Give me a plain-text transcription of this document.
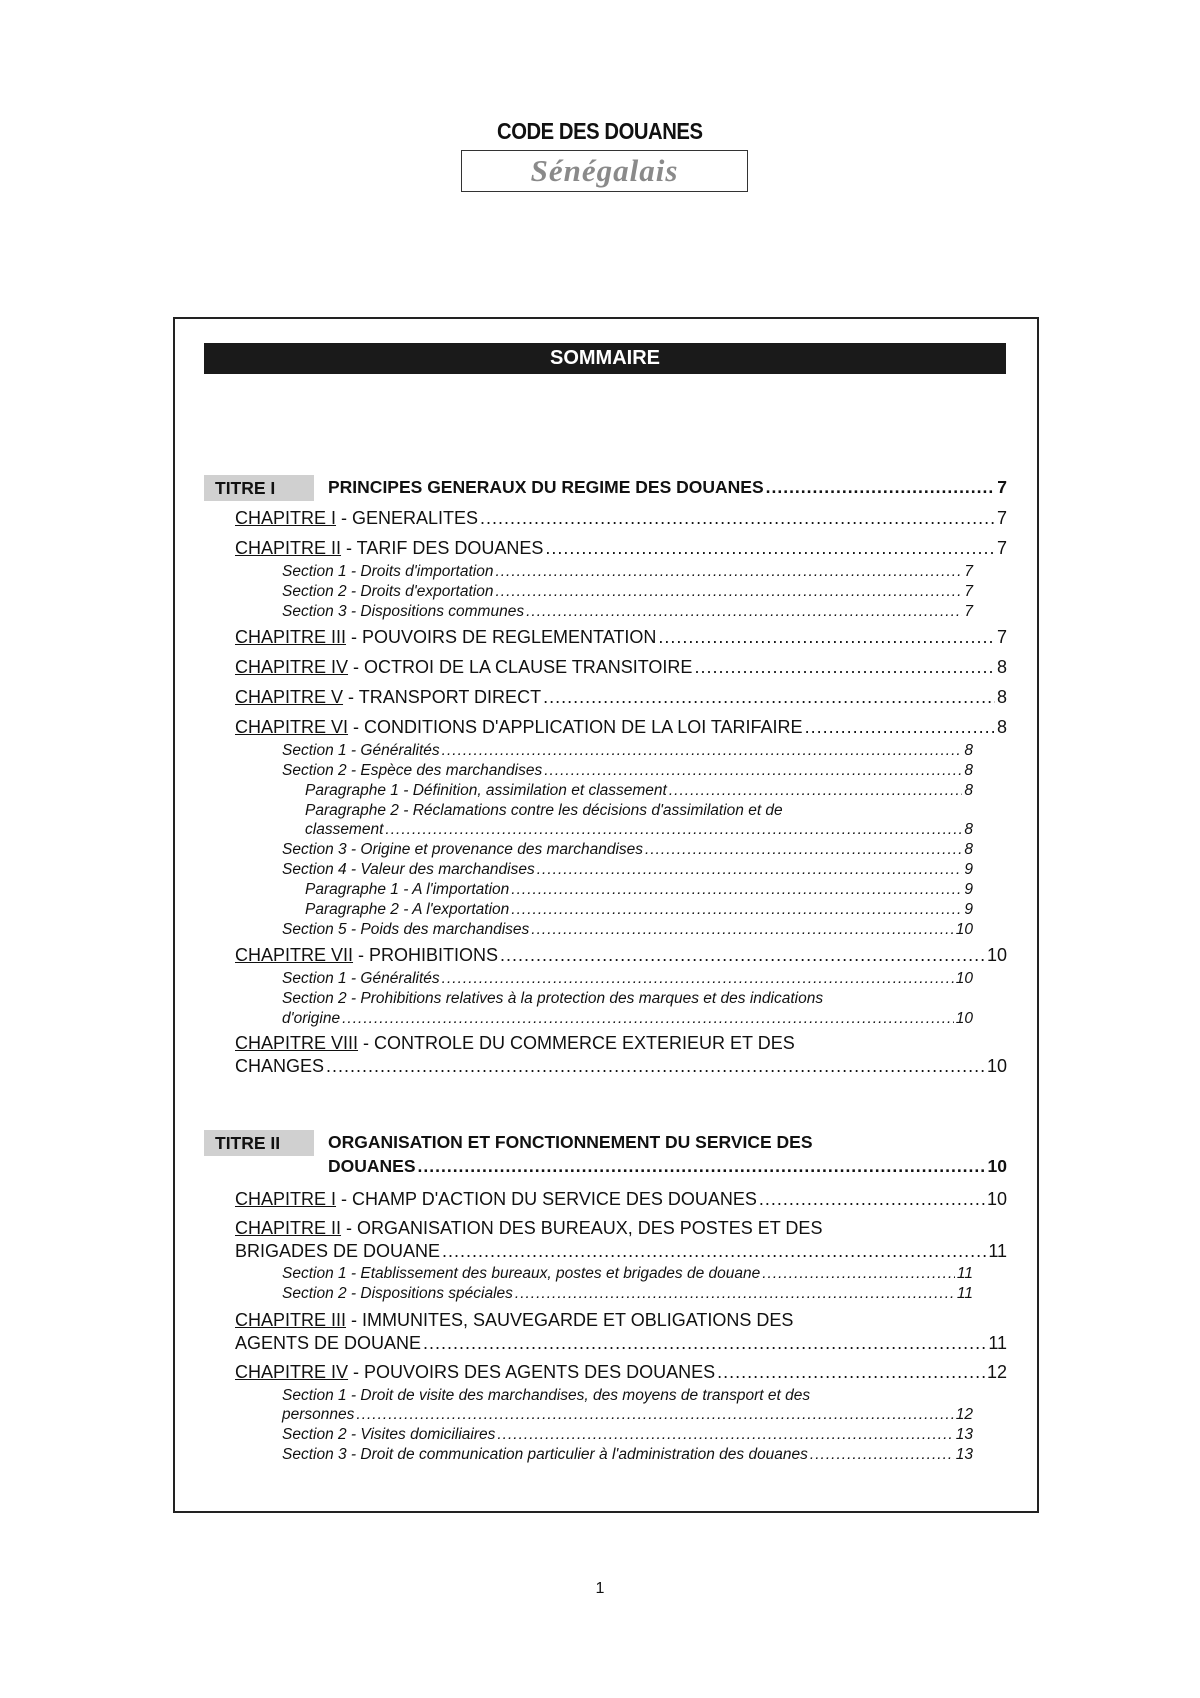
CODE DES DOUANES
Sénégalais
SOMMAIRE
TITRE I	PRINCIPES GENERAUX DU REGIME DES DOUANES .....	7
CHAPITRE I - GENERALITES .....	7
CHAPITRE II - TARIF DES DOUANES .....	7
Section 1 - Droits d'importation .....	7
Section 2 - Droits d'exportation .....	7
Section 3 - Dispositions communes .....	7
CHAPITRE III - POUVOIRS DE REGLEMENTATION .....	7
CHAPITRE IV - OCTROI DE LA CLAUSE TRANSITOIRE .....	8
CHAPITRE V - TRANSPORT DIRECT .....	8
CHAPITRE VI - CONDITIONS D'APPLICATION DE LA LOI TARIFAIRE .....	8
Section 1 - Généralités .....	8
Section 2 - Espèce des marchandises .....	8
Paragraphe 1 - Définition, assimilation et classement .....	8
Paragraphe 2 - Réclamations contre les décisions d'assimilation et de
classement .....	8
Section 3 - Origine et provenance des marchandises .....	8
Section 4 - Valeur des marchandises .....	9
Paragraphe 1 - A l'importation .....	9
Paragraphe 2 - A l'exportation .....	9
Section 5 - Poids des marchandises .....	10
CHAPITRE VII - PROHIBITIONS .....	10
Section 1 - Généralités .....	10
Section 2 - Prohibitions relatives à la protection des marques et des indications
d'origine .....	10
CHAPITRE VIII - CONTROLE DU COMMERCE EXTERIEUR ET DES
CHANGES .....	10
TITRE II	ORGANISATION ET FONCTIONNEMENT DU SERVICE DES
DOUANES .....	10
CHAPITRE I - CHAMP D'ACTION DU SERVICE DES DOUANES .....	10
CHAPITRE II - ORGANISATION DES BUREAUX, DES POSTES ET DES
BRIGADES DE DOUANE .....	11
Section 1 - Etablissement des bureaux, postes et brigades de douane .....	11
Section 2 - Dispositions spéciales .....	11
CHAPITRE III - IMMUNITES, SAUVEGARDE ET OBLIGATIONS DES
AGENTS DE DOUANE .....	11
CHAPITRE IV - POUVOIRS DES AGENTS DES DOUANES .....	12
Section 1 - Droit de visite des marchandises, des moyens de transport et des
personnes .....	12
Section 2 - Visites domiciliaires .....	13
Section 3 - Droit de communication particulier à l'administration des douanes .....	13
1
